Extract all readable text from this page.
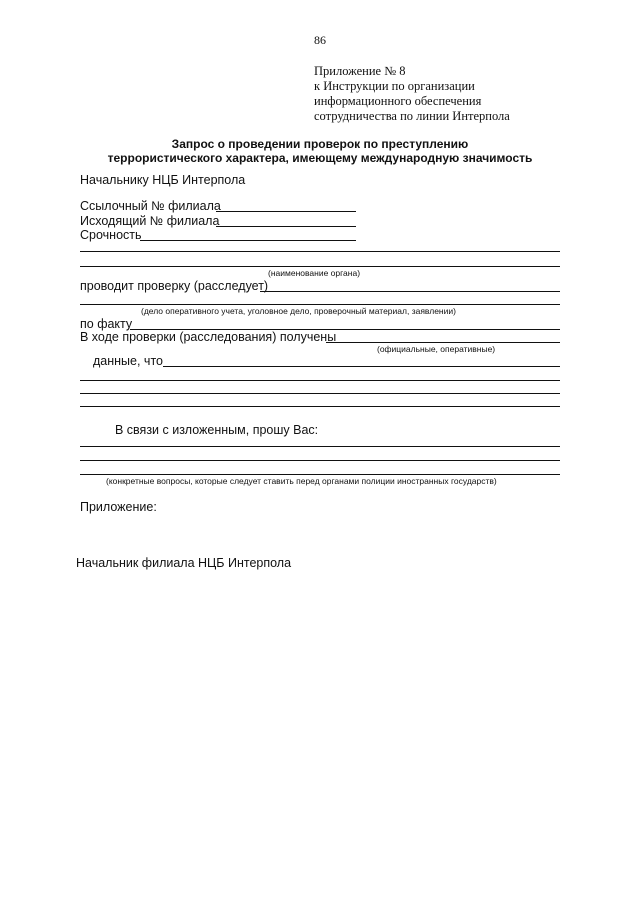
86
Приложение № 8
к Инструкции по организации
информационного обеспечения
сотрудничества по линии Интерпола
Запрос о проведении проверок по преступлению
террористического характера, имеющему международную значимость
Начальнику НЦБ Интерпола
Ссылочный № филиала
Исходящий № филиала
Срочность
(наименование органа)
проводит проверку (расследует)
(дело оперативного учета, уголовное дело, проверочный материал, заявлении)
по факту
В ходе проверки (расследования) получены
(официальные, оперативные)
данные, что
В связи с изложенным, прошу Вас:
(конкретные вопросы, которые следует ставить перед органами полиции иностранных государств)
Приложение:
Начальник филиала НЦБ Интерпола
